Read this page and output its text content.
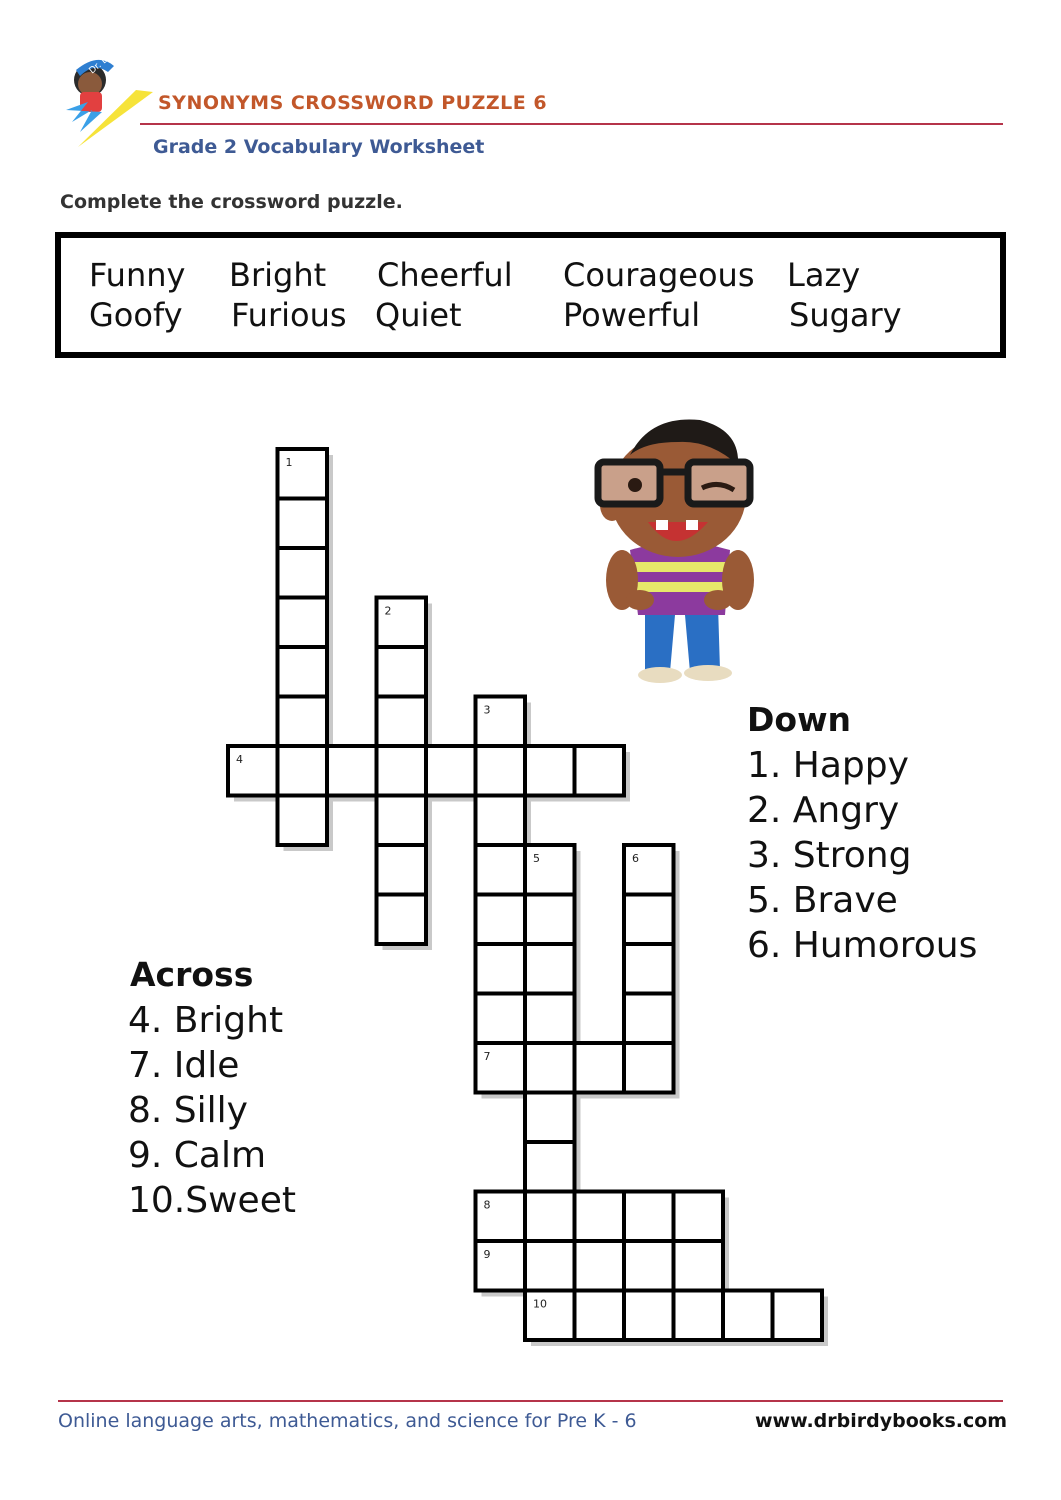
Dr. Birdy Books
SYNONYMS CROSSWORD PUZZLE 6
Grade 2 Vocabulary Worksheet
Complete the crossword puzzle.
Funny Bright Cheerful Courageous Lazy
Goofy Furious Quiet	Powerful	Sugary
1
2
3
4
5	6
7
8
9
10
Down
1. Happy
2. Angry
3. Strong
5. Brave
6. Humorous
Across
4. Bright
7. Idle
8. Silly
9. Calm
10.Sweet
Online language arts, mathematics, and science for Pre K - 6	www.drbirdybooks.com
